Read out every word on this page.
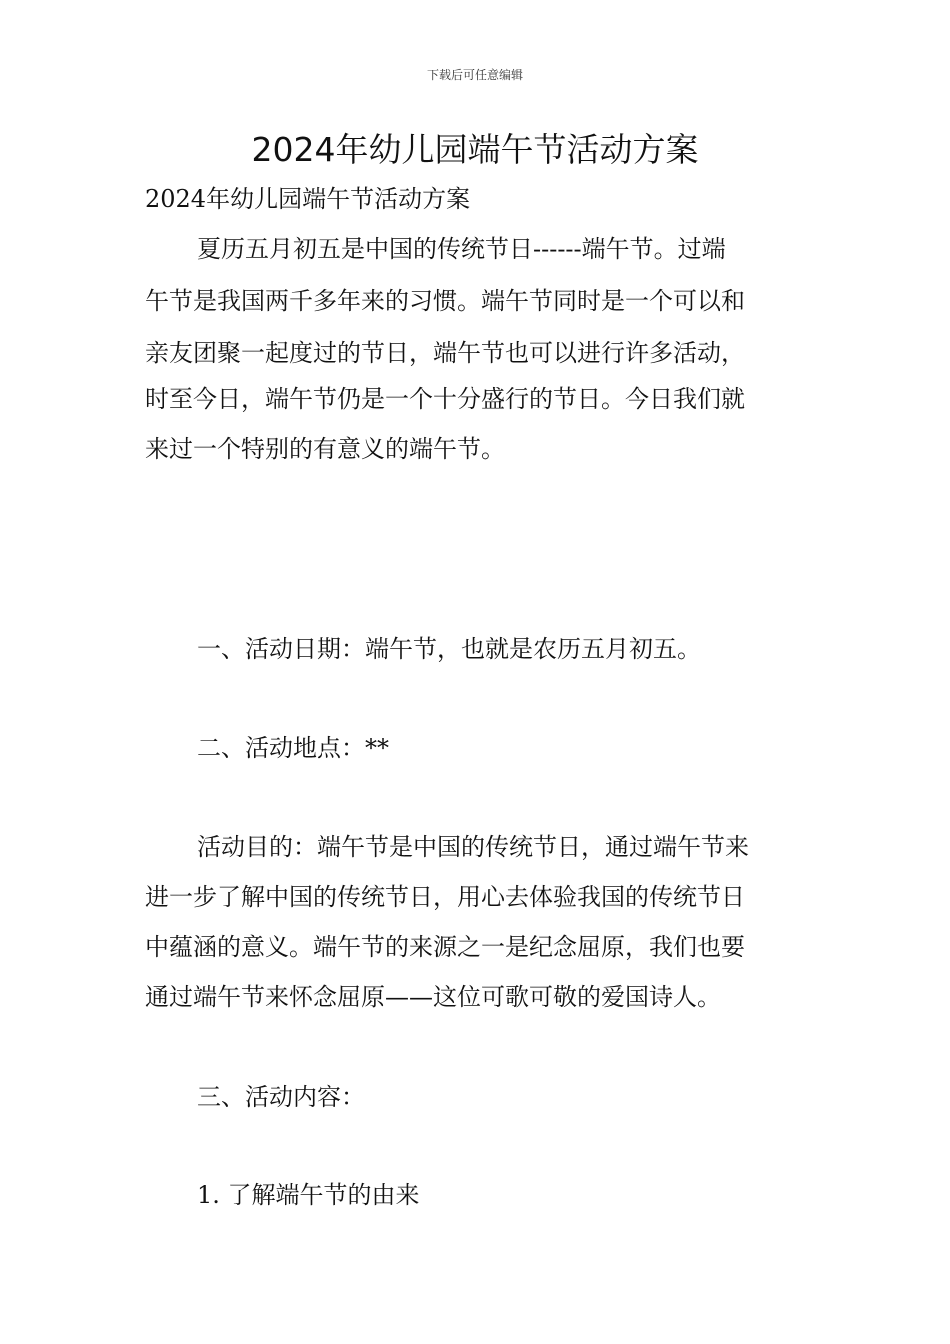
下载后可任意编辑
2024年幼儿园端午节活动方案
2024年幼儿园端午节活动方案
夏历五月初五是中国的传统节日------端午节。过端
午节是我国两千多年来的习惯。端午节同时是一个可以和
亲友团聚一起度过的节日，端午节也可以进行许多活动，
时至今日，端午节仍是一个十分盛行的节日。今日我们就
来过一个特别的有意义的端午节。
一、活动日期：端午节，也就是农历五月初五。
二、活动地点：**
活动目的：端午节是中国的传统节日，通过端午节来
进一步了解中国的传统节日，用心去体验我国的传统节日
中蕴涵的意义。端午节的来源之一是纪念屈原，我们也要
通过端午节来怀念屈原——这位可歌可敬的爱国诗人。
三、活动内容：
1. 了解端午节的由来
